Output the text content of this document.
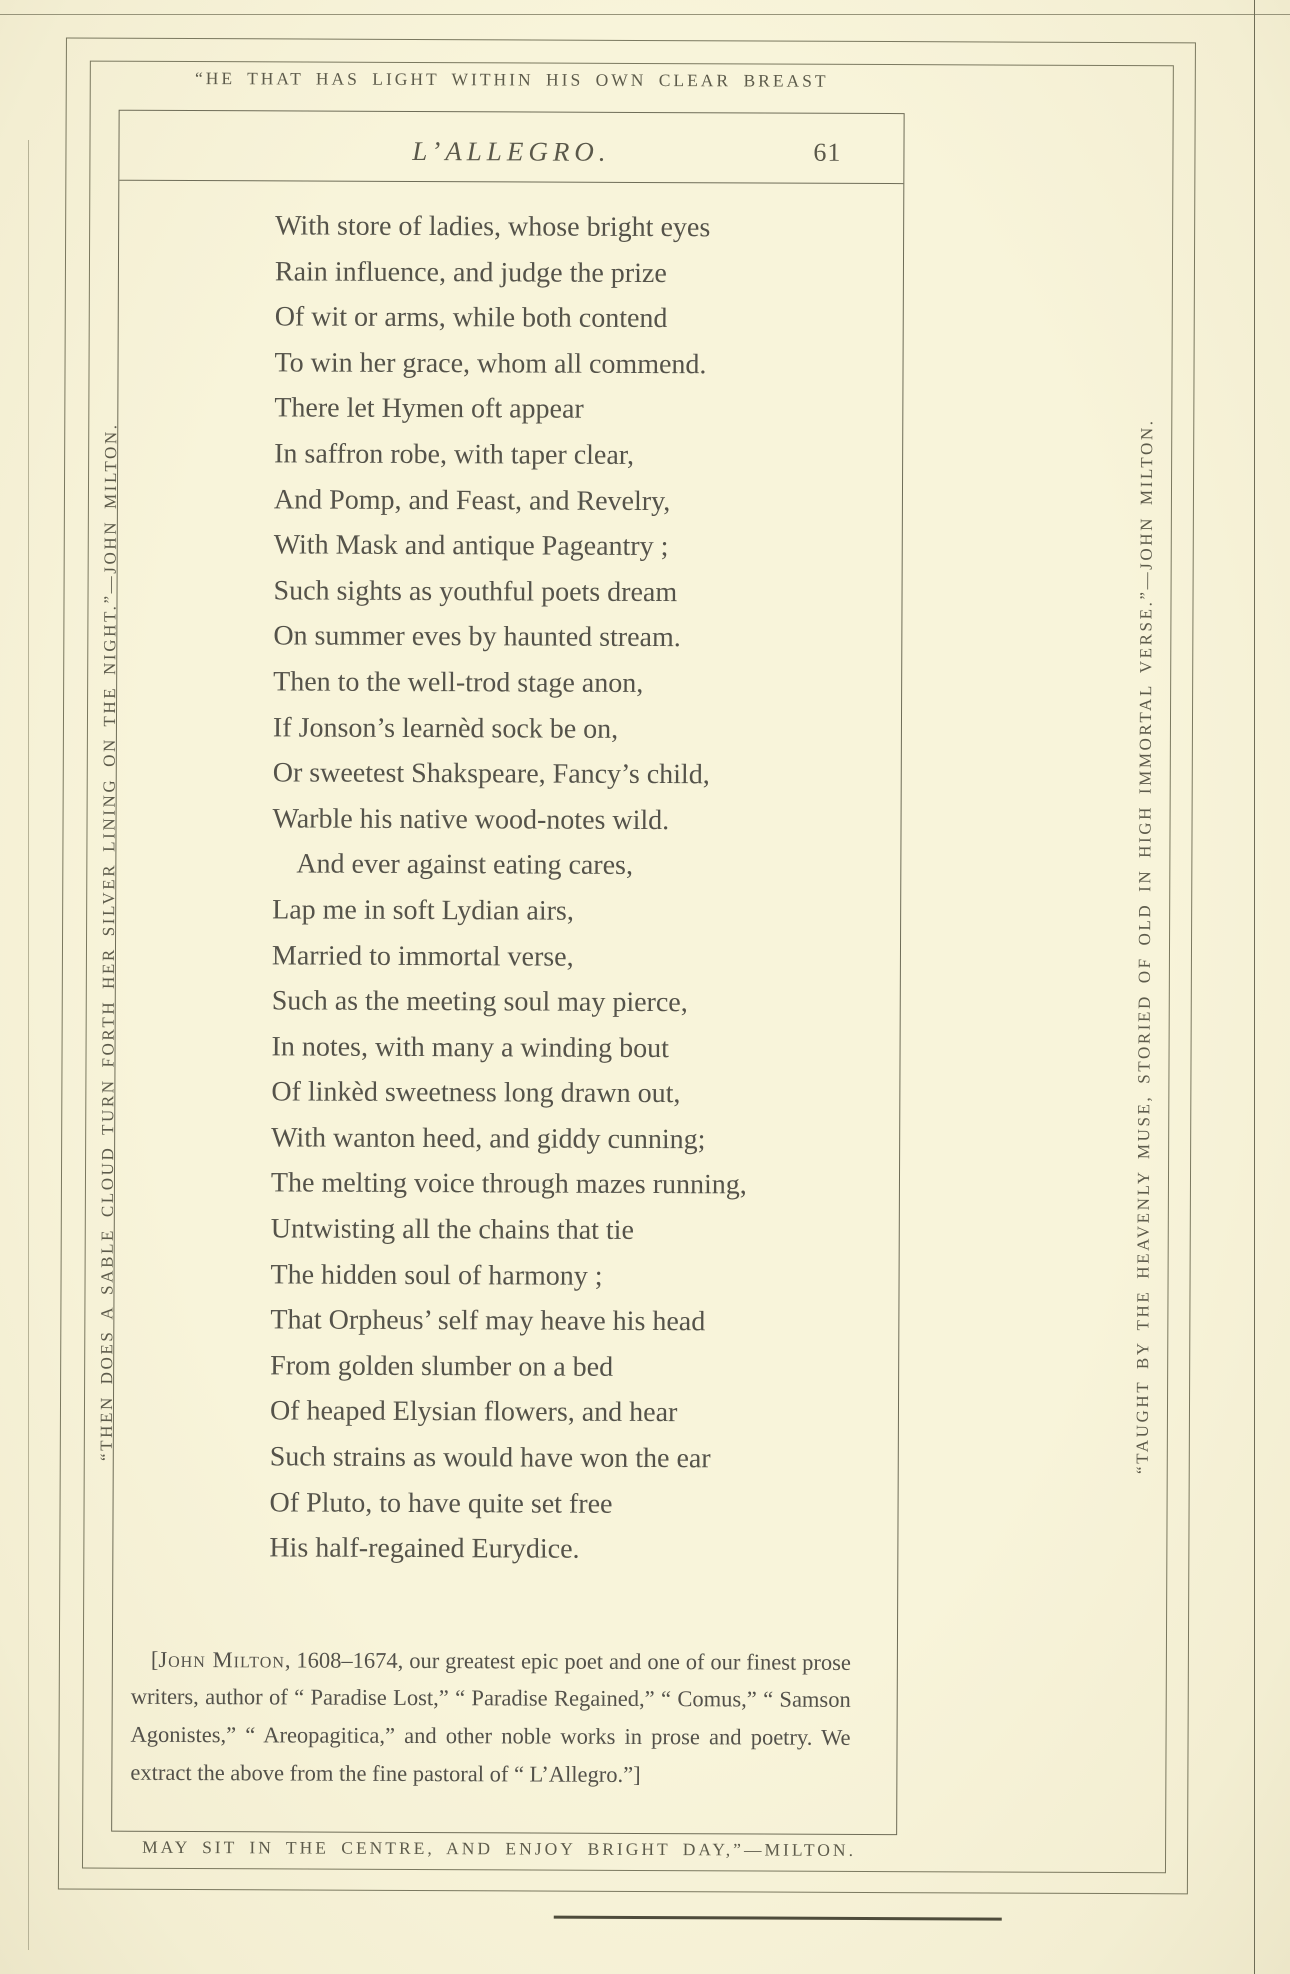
“HE THAT HAS LIGHT WITHIN HIS OWN CLEAR BREAST
“THEN DOES A SABLE CLOUD TURN FORTH HER SILVER LINING ON THE NIGHT.”—JOHN MILTON.	“TAUGHT BY THE HEAVENLY MUSE, STORIED OF OLD IN HIGH IMMORTAL VERSE.”—JOHN MILTON.
MAY SIT IN THE CENTRE, AND ENJOY BRIGHT DAY,”—MILTON.
L’ALLEGRO.	61
With store of ladies, whose bright eyes
Rain influence, and judge the prize
Of wit or arms, while both contend
To win her grace, whom all commend.
There let Hymen oft appear
In saffron robe, with taper clear,
And Pomp, and Feast, and Revelry,
With Mask and antique Pageantry ;
Such sights as youthful poets dream
On summer eves by haunted stream.
Then to the well-trod stage anon,
If Jonson’s learnèd sock be on,
Or sweetest Shakspeare, Fancy’s child,
Warble his native wood-notes wild.
And ever against eating cares,
Lap me in soft Lydian airs,
Married to immortal verse,
Such as the meeting soul may pierce,
In notes, with many a winding bout
Of linkèd sweetness long drawn out,
With wanton heed, and giddy cunning;
The melting voice through mazes running,
Untwisting all the chains that tie
The hidden soul of harmony ;
That Orpheus’ self may heave his head
From golden slumber on a bed
Of heaped Elysian flowers, and hear
Such strains as would have won the ear
Of Pluto, to have quite set free
His half-regained Eurydice.
[John Milton, 1608–1674, our greatest epic poet and one of our finest prose writers, author of “ Paradise Lost,” “ Paradise Regained,” “ Comus,” “ Samson Agonistes,” “ Areopagitica,” and other noble works in prose and poetry. We extract the above from the fine pastoral of “ L’Allegro.”]
